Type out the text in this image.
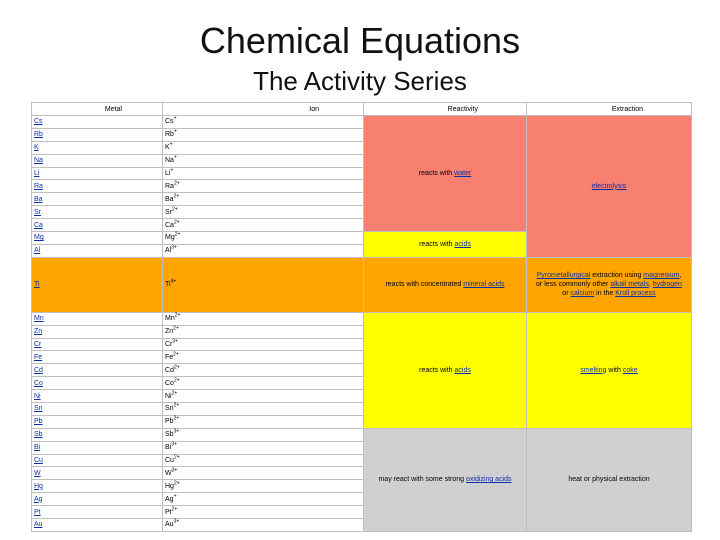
Chemical Equations
The Activity Series
Metal	Ion	Reactivity	Extraction
Cs	Cs+	reacts with water	electrolysis
Rb	Rb+
K	K+
Na	Na+
Li	Li+
Ra	$Ra^{2+}$
Ba	$Ba^{2+}$
Sr	$Sr^{2+}$
Ca	$Ca^{2+}$
Mg	$Mg^{2+}$	reacts with acids	
Al	$Al^{3+}$
Ti	$Ti^{4+}$	reacts with concentrated mineral acids	Pyrometallurgical extraction using magnesium, or less commonly other alkali metals, hydrogen or calcium in the Kroll process
Mn	$Mn^{2+}$	reacts with acids	smelting with coke
Zn	$Zn^{2+}$
Cr	$Cr^{3+}$
Fe	$Fe^{2+}$
Cd	$Cd^{2+}$
Co	$Co^{2+}$
Ni	$Ni^{2+}$
Sn	$Sn^{2+}$
Pb	$Pb^{2+}$
Sb	$Sb^{3+}$	may react with some strong oxidizing acids	heat or physical extraction
Bi	$Bi^{3+}$
Cu	$Cu^{2+}$
W	$W^{3+}$
Hg	$Hg^{2+}$
Ag	Ag+
Pt	$Pt^{2+}$
Au	$Au^{3+}$
